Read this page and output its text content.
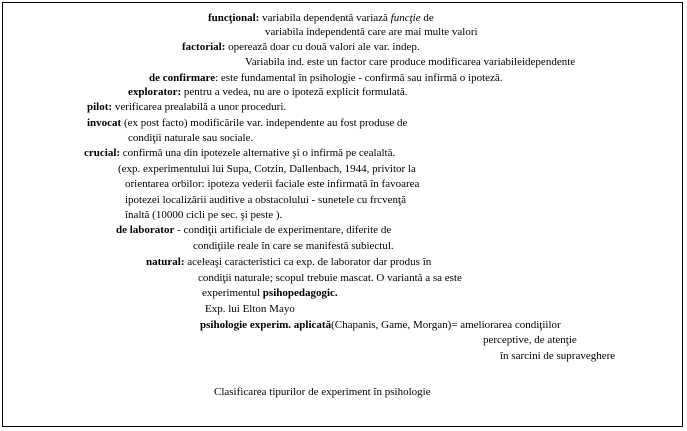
funcţional: variabila dependentă variază funcţie de
variabila independentă care are mai multe valori
factorial: operează doar cu două valori ale var. indep.
Variabila ind. este un factor care produce modificarea variabileidependente
de confirmare: este fundamental în psihologie - confirmă sau infirmă o ipoteză.
explorator: pentru a vedea, nu are o ipoteză explicit formulată.
pilot: verificarea prealabilă a unor proceduri.
invocat (ex post facto) modificările var. independente au fost produse de
condiţii naturale sau sociale.
crucial: confirmă una din ipotezele alternative şi o infirmă pe cealaltă.
(exp. experimentului lui Supa, Cotzin, Dallenbach, 1944, privitor la
orientarea orbilor: ipoteza vederii faciale este infirmată în favoarea
ipotezei localizării auditive a obstacolului - sunetele cu frcvenţă
înaltă (10000 cicli pe sec. şi peste ).
de laborator - condiţii artificiale de experimentare, diferite de
condiţiile reale în care se manifestă subiectul.
natural: aceleaşi caracteristici ca exp. de laborator dar produs în
condiţii naturale; scopul trebuie mascat. O variantă a sa este
experimentul psihopedagogic.
Exp. lui Elton Mayo
psihologie experim. aplicată(Chapanis, Game, Morgan)= ameliorarea condiţiilor
perceptive, de atenţie
în sarcini de supraveghere
Clasificarea tipurilor de experiment în psihologie
